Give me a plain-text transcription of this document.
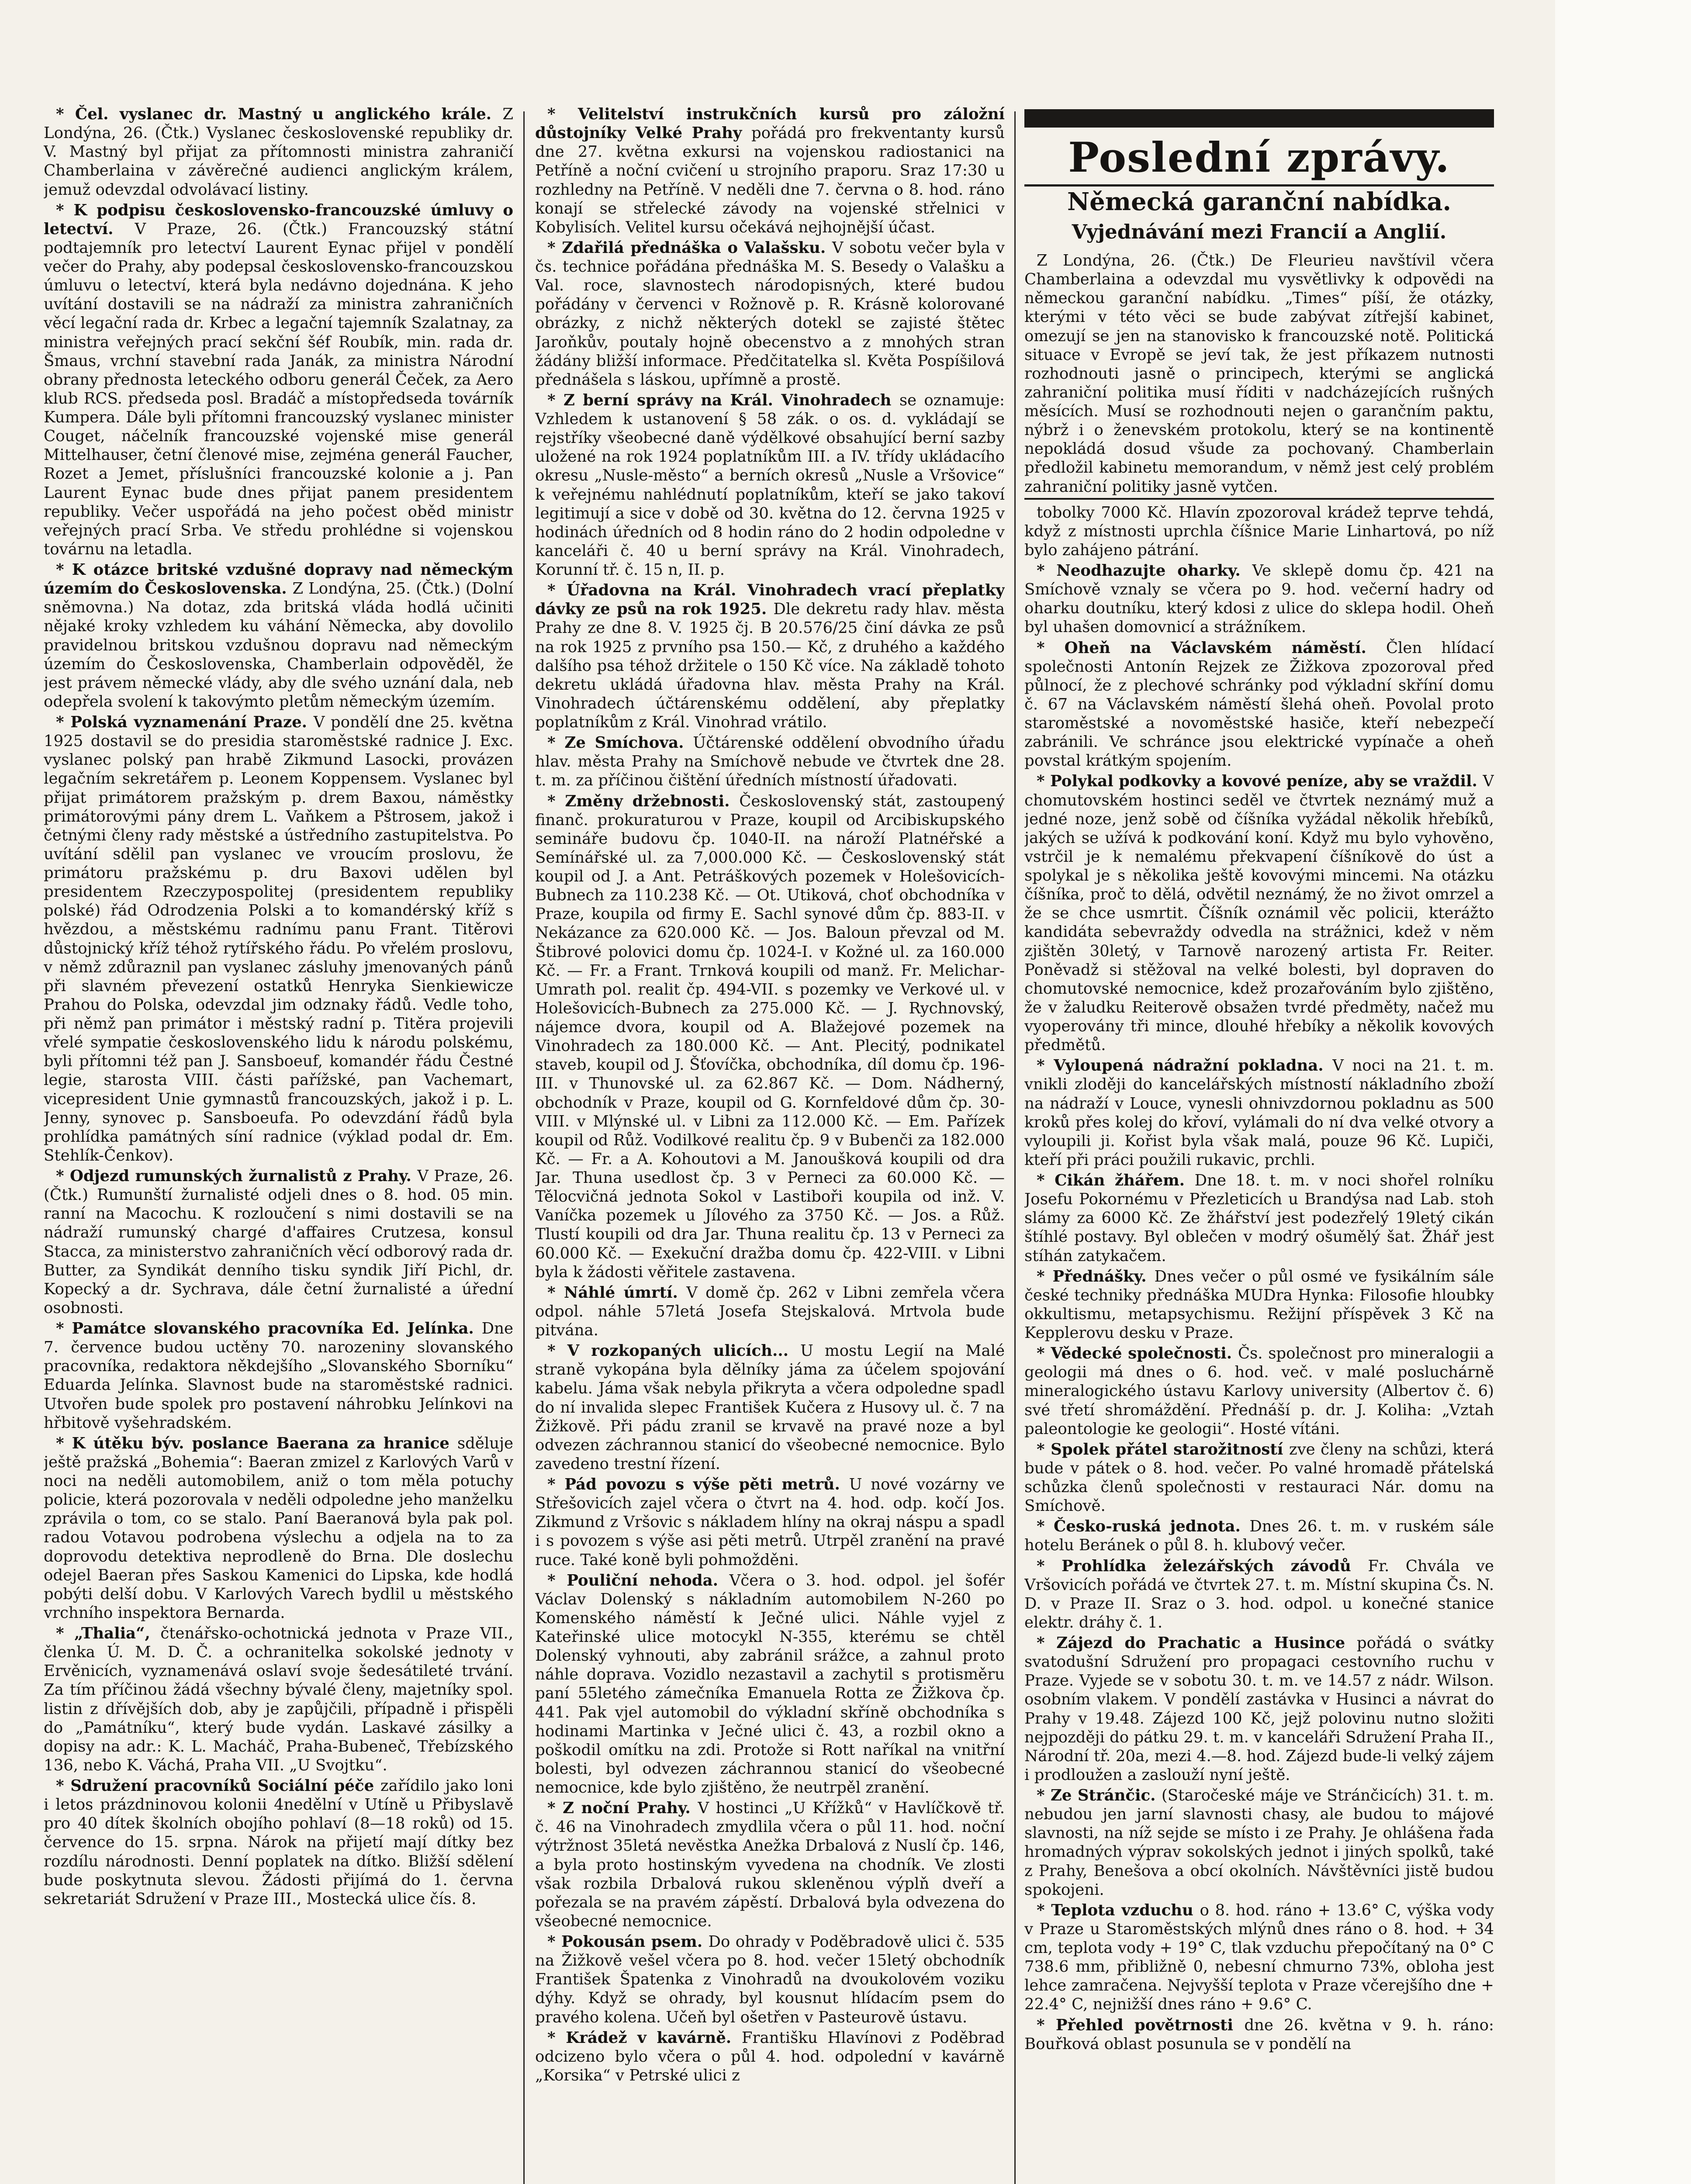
* Čel. vyslanec dr. Mastný u anglického krále. Z Londýna, 26. (Čtk.) Vyslanec československé republiky dr. V. Mastný byl přijat za přítomnosti ministra zahraničí Chamberlaina v závěrečné audienci anglickým králem, jemuž odevzdal odvolávací listiny.

* K podpisu československo-francouzské úmluvy o letectví. V Praze, 26. (Čtk.) Francouzský státní podtajemník pro letectví Laurent Eynac přijel v pondělí večer do Prahy, aby podepsal československo-francouzskou úmluvu o letectví, která byla nedávno dojednána. K jeho uvítání dostavili se na nádraží za ministra zahraničních věcí legační rada dr. Krbec a legační tajemník Szalatnay, za ministra veřejných prací sekční šéf Roubík, min. rada dr. Šmaus, vrchní stavební rada Janák, za ministra Národní obrany přednosta leteckého odboru generál Čeček, za Aero klub RCS. předseda posl. Bradáč a místopředseda továrník Kumpera. Dále byli přítomni francouzský vyslanec minister Couget, náčelník francouzské vojenské mise generál Mittelhauser, četní členové mise, zejména generál Faucher, Rozet a Jemet, příslušníci francouzské kolonie a j. Pan Laurent Eynac bude dnes přijat panem presidentem republiky. Večer uspořádá na jeho počest oběd ministr veřejných prací Srba. Ve středu prohlédne si vojenskou továrnu na letadla.

* K otázce britské vzdušné dopravy nad německým územím do Československa. Z Londýna, 25. (Čtk.) (Dolní sněmovna.) Na dotaz, zda britská vláda hodlá učiniti nějaké kroky vzhledem ku váhání Německa, aby dovolilo pravidelnou britskou vzdušnou dopravu nad německým územím do Československa, Chamberlain odpověděl, že jest právem německé vlády, aby dle svého uznání dala, neb odepřela svolení k takovýmto pletům německým územím.

* Polská vyznamenání Praze. V pondělí dne 25. května 1925 dostavil se do presidia staroměstské radnice J. Exc. vyslanec polský pan hrabě Zikmund Lasocki, provázen legačním sekretářem p. Leonem Koppensem. Vyslanec byl přijat primátorem pražským p. drem Baxou, náměstky primátorovými pány drem L. Vaňkem a Pštrosem, jakož i četnými členy rady městské a ústředního zastupitelstva. Po uvítání sdělil pan vyslanec ve vroucím proslovu, že primátoru pražskému p. dru Baxovi udělen byl presidentem Rzeczypospolitej (presidentem republiky polské) řád Odrodzenia Polski a to komandérský kříž s hvězdou, a městskému radnímu panu Frant. Titěrovi důstojnický kříž téhož rytířského řádu. Po vřelém proslovu, v němž zdůraznil pan vyslanec zásluhy jmenovaných pánů při slavném převezení ostatků Henryka Sienkiewicze Prahou do Polska, odevzdal jim odznaky řádů. Vedle toho, při němž pan primátor i městský radní p. Titěra projevili vřelé sympatie československého lidu k národu polskému, byli přítomni též pan J. Sansboeuf, komandér řádu Čestné legie, starosta VIII. části pařížské, pan Vachemart, vicepresident Unie gymnastů francouzských, jakož i p. L. Jenny, synovec p. Sansboeufa. Po odevzdání řádů byla prohlídka památných síní radnice (výklad podal dr. Em. Stehlík-Čenkov).

* Odjezd rumunských žurnalistů z Prahy. V Praze, 26. (Čtk.) Rumunští žurnalisté odjeli dnes o 8. hod. 05 min. ranní na Macochu. K rozloučení s nimi dostavili se na nádraží rumunský chargé d'affaires Crutzesa, konsul Stacca, za ministerstvo zahraničních věcí odborový rada dr. Butter, za Syndikát denního tisku syndik Jiří Pichl, dr. Kopecký a dr. Sychrava, dále četní žurnalisté a úřední osobnosti.

* Památce slovanského pracovníka Ed. Jelínka. Dne 7. července budou uctěny 70. narozeniny slovanského pracovníka, redaktora někdejšího „Slovanského Sborníku“ Eduarda Jelínka. Slavnost bude na staroměstské radnici. Utvořen bude spolek pro postavení náhrobku Jelínkovi na hřbitově vyšehradském.

* K útěku býv. poslance Baerana za hranice sděluje ještě pražská „Bohemia“: Baeran zmizel z Karlových Varů v noci na neděli automobilem, aniž o tom měla potuchy policie, která pozorovala v neděli odpoledne jeho manželku zprávila o tom, co se stalo. Paní Baeranová byla pak pol. radou Votavou podrobena výslechu a odjela na to za doprovodu detektiva neprodleně do Brna. Dle doslechu odejel Baeran přes Saskou Kamenici do Lipska, kde hodlá pobýti delší dobu. V Karlových Varech bydlil u městského vrchního inspektora Bernarda.

* „Thalia“, čtenářsko-ochotnická jednota v Praze VII., členka Ú. M. D. Č. a ochranitelka sokolské jednoty v Ervěnicích, vyznamenává oslaví svoje šedesátileté trvání. Za tím příčinou žádá všechny bývalé členy, majetníky spol. listin z dřívějších dob, aby je zapůjčili, případně i přispěli do „Památníku“, který bude vydán. Laskavé zásilky a dopisy na adr.: K. L. Macháč, Praha-Bubeneč, Třebízského 136, nebo K. Váchá, Praha VII. „U Svojtku“.

* Sdružení pracovníků Sociální péče zařídilo jako loni i letos prázdninovou kolonii 4nedělní v Utíně u Přibyslavě pro 40 dítek školních obojího pohlaví (8—18 roků) od 15. července do 15. srpna. Nárok na přijetí mají dítky bez rozdílu národnosti. Denní poplatek na dítko. Bližší sdělení bude poskytnuta slevou. Žádosti přijímá do 1. června sekretariát Sdružení v Praze III., Mostecká ulice čís. 8.

* Velitelství instrukčních kursů pro záložní důstojníky Velké Prahy pořádá pro frekventanty kursů dne 27. května exkursi na vojenskou radiostanici na Petříně a noční cvičení u strojního praporu. Sraz 17:30 u rozhledny na Petříně. V neděli dne 7. června o 8. hod. ráno konají se střelecké závody na vojenské střelnici v Kobylisích. Velitel kursu očekává nejhojnější účast.

* Zdařilá přednáška o Valašsku. V sobotu večer byla v čs. technice pořádána přednáška M. S. Besedy o Valašku a Val. roce, slavnostech národopisných, které budou pořádány v červenci v Rožnově p. R. Krásně kolorované obrázky, z nichž některých dotekl se zajisté štětec Jaroňkův, poutaly hojně obecenstvo a z mnohých stran žádány bližší informace. Předčitatelka sl. Květa Pospíšilová přednášela s láskou, upřímně a prostě.

* Z berní správy na Král. Vinohradech se oznamuje: Vzhledem k ustanovení § 58 zák. o os. d. vykládají se rejstříky všeobecné daně výdělkové obsahující berní sazby uložené na rok 1924 poplatníkům III. a IV. třídy ukládacího okresu „Nusle-město“ a berních okresů „Nusle a Vršovice“ k veřejnému nahlédnutí poplatníkům, kteří se jako takoví legitimují a sice v době od 30. května do 12. června 1925 v hodinách úředních od 8 hodin ráno do 2 hodin odpoledne v kanceláři č. 40 u berní správy na Král. Vinohradech, Korunní tř. č. 15 n, II. p.

* Úřadovna na Král. Vinohradech vrací přeplatky dávky ze psů na rok 1925. Dle dekretu rady hlav. města Prahy ze dne 8. V. 1925 čj. B 20.576/25 činí dávka ze psů na rok 1925 z prvního psa 150.— Kč, z druhého a každého dalšího psa téhož držitele o 150 Kč více. Na základě tohoto dekretu ukládá úřadovna hlav. města Prahy na Král. Vinohradech účtárenskému oddělení, aby přeplatky poplatníkům z Král. Vinohrad vrátilo.

* Ze Smíchova. Účtárenské oddělení obvodního úřadu hlav. města Prahy na Smíchově nebude ve čtvrtek dne 28. t. m. za příčinou čištění úředních místností úřadovati.

* Změny držebnosti. Československý stát, zastoupený finanč. prokuraturou v Praze, koupil od Arcibiskupského semináře budovu čp. 1040-II. na nároží Platnéřské a Semínářské ul. za 7,000.000 Kč. — Československý stát koupil od J. a Ant. Petráškových pozemek v Holešovicích-Bubnech za 110.238 Kč. — Ot. Utiková, choť obchodníka v Praze, koupila od firmy E. Sachl synové dům čp. 883-II. v Nekázance za 620.000 Kč. — Jos. Baloun převzal od M. Štibrové polovici domu čp. 1024-I. v Kožné ul. za 160.000 Kč. — Fr. a Frant. Trnková koupili od manž. Fr. Melichar-Umrath pol. realit čp. 494-VII. s pozemky ve Verkové ul. v Holešovicích-Bubnech za 275.000 Kč. — J. Rychnovský, nájemce dvora, koupil od A. Blažejové pozemek na Vinohradech za 180.000 Kč. — Ant. Plecitý, podnikatel staveb, koupil od J. Šťovíčka, obchodníka, díl domu čp. 196-III. v Thunovské ul. za 62.867 Kč. — Dom. Nádherný, obchodník v Praze, koupil od G. Kornfeldové dům čp. 30-VIII. v Mlýnské ul. v Libni za 112.000 Kč. — Em. Pařízek koupil od Růž. Vodilkové realitu čp. 9 v Bubenči za 182.000 Kč. — Fr. a A. Kohoutovi a M. Janoušková koupili od dra Jar. Thuna usedlost čp. 3 v Perneci za 60.000 Kč. — Tělocvičná jednota Sokol v Lastiboři koupila od inž. V. Vaníčka pozemek u Jílového za 3750 Kč. — Jos. a Růž. Tlustí koupili od dra Jar. Thuna realitu čp. 13 v Perneci za 60.000 Kč. — Exekuční dražba domu čp. 422-VIII. v Libni byla k žádosti věřitele zastavena.

* Náhlé úmrtí. V domě čp. 262 v Libni zemřela včera odpol. náhle 57letá Josefa Stejskalová. Mrtvola bude pitvána.

* V rozkopaných ulicích... U mostu Legií na Malé straně vykopána byla dělníky jáma za účelem spojování kabelu. Jáma však nebyla přikryta a včera odpoledne spadl do ní invalida slepec František Kučera z Husovy ul. č. 7 na Žižkově. Při pádu zranil se krvavě na pravé noze a byl odvezen záchrannou stanicí do všeobecné nemocnice. Bylo zavedeno trestní řízení.

* Pád povozu s výše pěti metrů. U nové vozárny ve Střešovicích zajel včera o čtvrt na 4. hod. odp. kočí Jos. Zikmund z Vršovic s nákladem hlíny na okraj náspu a spadl i s povozem s výše asi pěti metrů. Utrpěl zranění na pravé ruce. Také koně byli pohmožděni.

* Pouliční nehoda. Včera o 3. hod. odpol. jel šofér Václav Dolenský s nákladním automobilem N-260 po Komenského náměstí k Ječné ulici. Náhle vyjel z Kateřinské ulice motocykl N-355, kterému se chtěl Dolenský vyhnouti, aby zabránil srážce, a zahnul proto náhle doprava. Vozidlo nezastavil a zachytil s protisměru paní 55letého zámečníka Emanuela Rotta ze Žižkova čp. 441. Pak vjel automobil do výkladní skříně obchodníka s hodinami Martinka v Ječné ulici č. 43, a rozbil okno a poškodil omítku na zdi. Protože si Rott naříkal na vnitřní bolesti, byl odvezen záchrannou stanicí do všeobecné nemocnice, kde bylo zjištěno, že neutrpěl zranění.

* Z noční Prahy. V hostinci „U Křížků“ v Havlíčkově tř. č. 46 na Vinohradech zmydlila včera o půl 11. hod. noční výtržnost 35letá nevěstka Anežka Drbalová z Nuslí čp. 146, a byla proto hostinským vyvedena na chodník. Ve zlosti však rozbila Drbalová rukou skleněnou výplň dveří a pořezala se na pravém zápěstí. Drbalová byla odvezena do všeobecné nemocnice.

* Pokousán psem. Do ohrady v Poděbradově ulici č. 535 na Žižkově vešel včera po 8. hod. večer 15letý obchodník František Špatenka z Vinohradů na dvoukolovém voziku dýhy. Když se ohrady, byl kousnut hlídacím psem do pravého kolena. Učeň byl ošetřen v Pasteurově ústavu.

* Krádež v kavárně. Františku Hlavínovi z Poděbrad odcizeno bylo včera o půl 4. hod. odpolední v kavárně „Korsika“ v Petrské ulici z

Poslední zprávy.
Německá garanční nabídka.
Vyjednávání mezi Francií a Anglií.

Z Londýna, 26. (Čtk.) De Fleurieu navštívil včera Chamberlaina a odevzdal mu vysvětlivky k odpovědi na německou garanční nabídku. „Times“ píší, že otázky, kterými v této věci se bude zabývat zítřejší kabinet, omezují se jen na stanovisko k francouzské notě. Politická situace v Evropě se jeví tak, že jest příkazem nutnosti rozhodnouti jasně o principech, kterými se anglická zahraniční politika musí říditi v nadcházejících rušných měsících. Musí se rozhodnouti nejen o garančním paktu, nýbrž i o ženevském protokolu, který se na kontinentě nepokládá dosud všude za pochovaný. Chamberlain předložil kabinetu memorandum, v němž jest celý problém zahraniční politiky jasně vytčen.

tobolky 7000 Kč. Hlavín zpozoroval krádež teprve tehdá, když z místnosti uprchla číšnice Marie Linhartová, po níž bylo zahájeno pátrání.

* Neodhazujte oharky. Ve sklepě domu čp. 421 na Smíchově vznaly se včera po 9. hod. večerní hadry od oharku doutníku, který kdosi z ulice do sklepa hodil. Oheň byl uhašen domovnicí a strážníkem.

* Oheň na Václavském náměstí. Člen hlídací společnosti Antonín Rejzek ze Žižkova zpozoroval před půlnocí, že z plechové schránky pod výkladní skříní domu č. 67 na Václavském náměstí šlehá oheň. Povolal proto staroměstské a novoměstské hasiče, kteří nebezpečí zabránili. Ve schránce jsou elektrické vypínače a oheň povstal krátkým spojením.

* Polykal podkovky a kovové peníze, aby se vraždil. V chomutovském hostinci seděl ve čtvrtek neznámý muž a jedné noze, jenž sobě od číšníka vyžádal několik hřebíků, jakých se užívá k podkování koní. Když mu bylo vyhověno, vstrčil je k nemalému překvapení číšníkově do úst a spolykal je s několika ještě kovovými mincemi. Na otázku číšníka, proč to dělá, odvětil neznámý, že no život omrzel a že se chce usmrtit. Číšník oznámil věc policii, kterážto kandidáta sebevraždy odvedla na strážnici, kdež v něm zjištěn 30letý, v Tarnově narozený artista Fr. Reiter. Poněvadž si stěžoval na velké bolesti, byl dopraven do chomutovské nemocnice, kdež prozařováním bylo zjištěno, že v žaludku Reiterově obsažen tvrdé předměty, načež mu vyoperovány tři mince, dlouhé hřebíky a několik kovových předmětů.

* Vyloupená nádražní pokladna. V noci na 21. t. m. vnikli zloději do kancelářských místností nákladního zboží na nádraží v Louce, vynesli ohnivzdornou pokladnu as 500 kroků přes kolej do křoví, vylámali do ní dva velké otvory a vyloupili ji. Kořist byla však malá, pouze 96 Kč. Lupiči, kteří při práci použili rukavic, prchli.

* Cikán žhářem. Dne 18. t. m. v noci shořel rolníku Josefu Pokornému v Přezleticích u Brandýsa nad Lab. stoh slámy za 6000 Kč. Ze žhářství jest podezřelý 19letý cikán štíhlé postavy. Byl oblečen v modrý ošumělý šat. Žhář jest stíhán zatykačem.

* Přednášky. Dnes večer o půl osmé ve fysikálním sále české techniky přednáška MUDra Hynka: Filosofie hloubky okkultismu, metapsychismu. Režijní příspěvek 3 Kč na Kepplerovu desku v Praze.

* Vědecké společnosti. Čs. společnost pro mineralogii a geologii má dnes o 6. hod. več. v malé posluchárně mineralogického ústavu Karlovy university (Albertov č. 6) své třetí shromáždění. Přednáší p. dr. J. Koliha: „Vztah paleontologie ke geologii“. Hosté vítáni.

* Spolek přátel starožitností zve členy na schůzi, která bude v pátek o 8. hod. večer. Po valné hromadě přátelská schůzka členů společnosti v restauraci Nár. domu na Smíchově.

* Česko-ruská jednota. Dnes 26. t. m. v ruském sále hotelu Beránek o půl 8. h. klubový večer.

* Prohlídka železářských závodů Fr. Chvála ve Vršovicích pořádá ve čtvrtek 27. t. m. Místní skupina Čs. N. D. v Praze II. Sraz o 3. hod. odpol. u konečné stanice elektr. dráhy č. 1.

* Zájezd do Prachatic a Husince pořádá o svátky svatodušní Sdružení pro propagaci cestovního ruchu v Praze. Vyjede se v sobotu 30. t. m. ve 14.57 z nádr. Wilson. osobním vlakem. V pondělí zastávka v Husinci a návrat do Prahy v 19.48. Zájezd 100 Kč, jejž polovinu nutno složiti nejpozději do pátku 29. t. m. v kanceláři Sdružení Praha II., Národní tř. 20a, mezi 4.—8. hod. Zájezd bude-li velký zájem i prodloužen a zaslouží nyní ještě.

* Ze Stránčic. (Staročeské máje ve Stránčicích) 31. t. m. nebudou jen jarní slavnosti chasy, ale budou to májové slavnosti, na níž sejde se místo i ze Prahy. Je ohlášena řada hromadných výprav sokolských jednot i jiných spolků, také z Prahy, Benešova a obcí okolních. Návštěvníci jistě budou spokojeni.

* Teplota vzduchu o 8. hod. ráno + 13.6° C, výška vody v Praze u Staroměstských mlýnů dnes ráno o 8. hod. + 34 cm, teplota vody + 19° C, tlak vzduchu přepočítaný na 0° C 738.6 mm, přibližně 0, nebesní chmurno 73%, obloha jest lehce zamračena. Nejvyšší teplota v Praze včerejšího dne + 22.4° C, nejnižší dnes ráno + 9.6° C.

* Přehled povětrnosti dne 26. května v 9. h. ráno: Bouřková oblast posunula se v pondělí na
